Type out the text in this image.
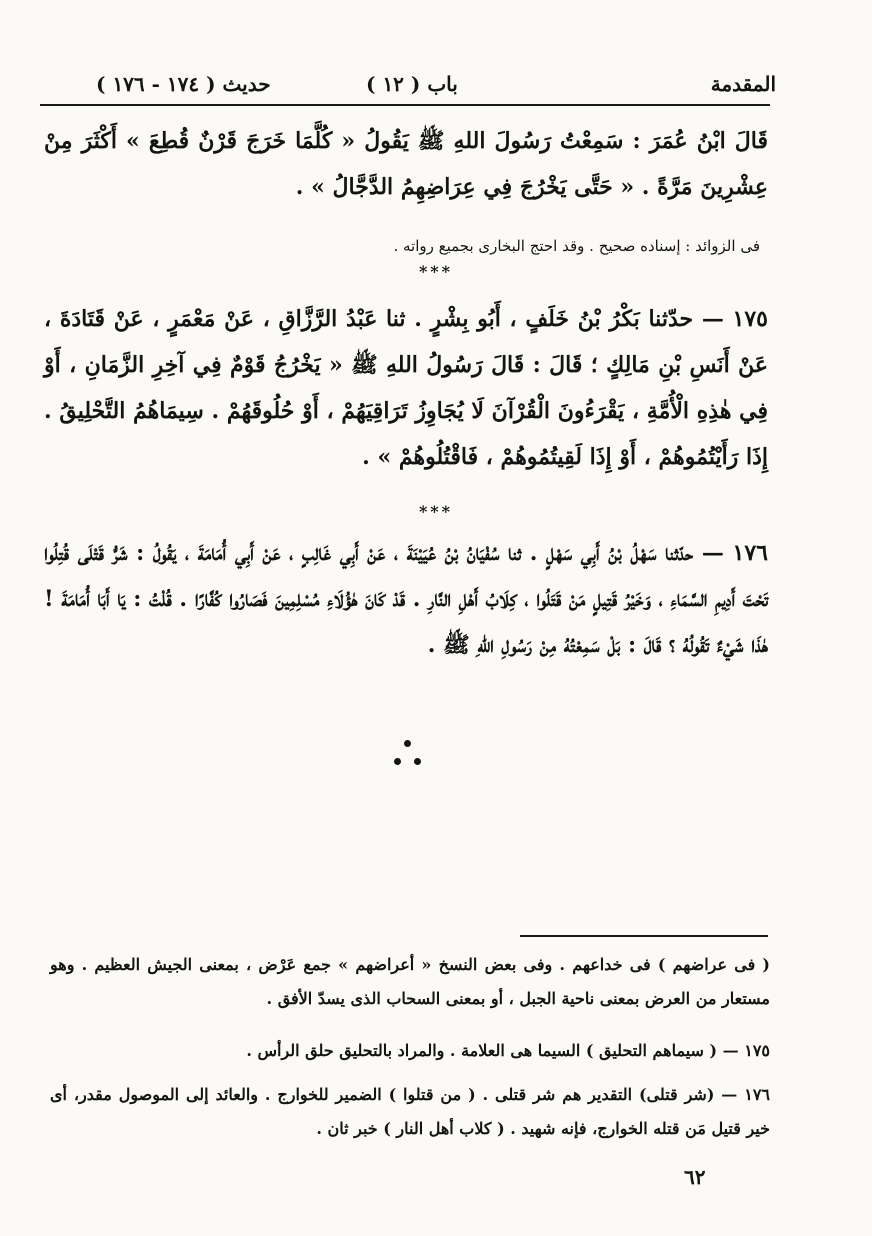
المقدمة
( ١٢ ) باب
( ١٧٤ - ١٧٦ ) حديث
قَالَ ابْنُ عُمَرَ : سَمِعْتُ رَسُولَ اللهِ ﷺ يَقُولُ « كُلَّمَا خَرَجَ قَرْنٌ قُطِعَ » أَكْثَرَ مِنْ عِشْرِينَ مَرَّةً . « حَتَّى يَخْرُجَ فِي عِرَاضِهِمُ الدَّجَّالُ » .
فى الزوائد : إسناده صحيح . وقد احتج البخارى بجميع رواته .
***
١٧٥ — حدّثنا بَكْرُ بْنُ خَلَفٍ ، أَبُو بِشْرٍ . ثنا عَبْدُ الرَّزَّاقِ ، عَنْ مَعْمَرٍ ، عَنْ قَتَادَةَ ، عَنْ أَنَسِ بْنِ مَالِكٍ ؛ قَالَ : قَالَ رَسُولُ اللهِ ﷺ « يَخْرُجُ قَوْمٌ فِي آخِرِ الزَّمَانِ ، أَوْ فِي هٰذِهِ الْأُمَّةِ ، يَقْرَءُونَ الْقُرْآنَ لَا يُجَاوِزُ تَرَاقِيَهُمْ ، أَوْ حُلُوقَهُمْ . سِيمَاهُمُ التَّحْلِيقُ . إِذَا رَأَيْتُمُوهُمْ ، أَوْ إِذَا لَقِيتُمُوهُمْ ، فَاقْتُلُوهُمْ » .
***
١٧٦ — حدّثنا سَهْلُ بْنُ أَبِي سَهْلٍ . ثنا سُفْيَانُ بْنُ عُيَيْنَةَ ، عَنْ أَبِي غَالِبٍ ، عَنْ أَبِي أُمَامَةَ ، يَقُولُ : شَرُّ قَتْلَى قُتِلُوا تَحْتَ أَدِيمِ السَّمَاءِ ، وَخَيْرُ قَتِيلٍ مَنْ قَتَلُوا ، كِلَابُ أَهْلِ النَّارِ . قَدْ كَانَ هٰؤُلَاءِ مُسْلِمِينَ فَصَارُوا كُفَّارًا . قُلْتُ : يَا أَبَا أُمَامَةَ ! هٰذَا شَيْءٌ تَقُولُهُ ؟ قَالَ : بَلْ سَمِعْتُهُ مِنْ رَسُولِ اللهِ ﷺ .
( فى عراضهم ) فى خداعهم . وفى بعض النسخ « أعراضهم » جمع عَرْض ، بمعنى الجيش العظيم . وهو مستعار من العرض بمعنى ناحية الجبل ، أو بمعنى السحاب الذى يسدّ الأفق .
١٧٥ — ( سيماهم التحليق ) السيما هى العلامة . والمراد بالتحليق حلق الرأس .
١٧٦ — (شر قتلى) التقدير هم شر قتلى . ( من قتلوا ) الضمير للخوارج . والعائد إلى الموصول مقدر، أى خير قتيل مَن قتله الخوارج، فإنه شهيد . ( كلاب أهل النار ) خبر ثان .
٦٢
